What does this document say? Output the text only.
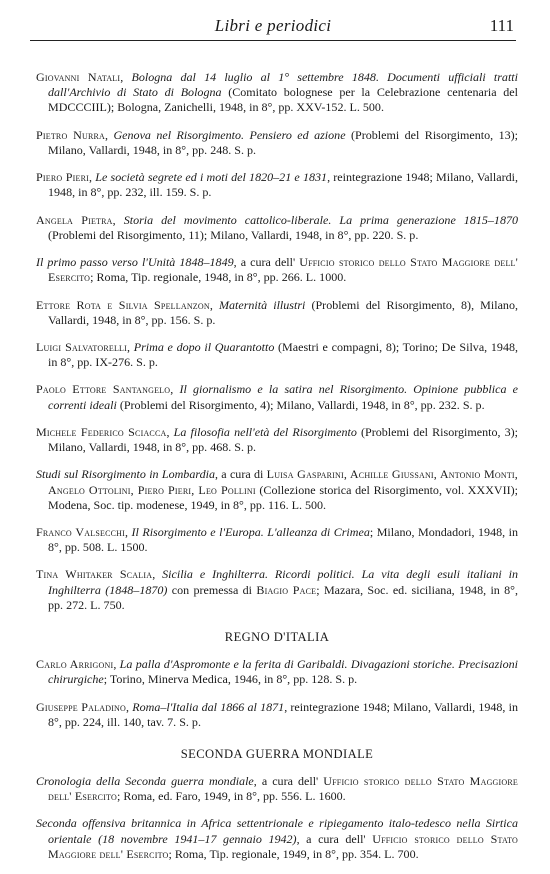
Libri e periodici	111

Giovanni Natali, Bologna dal 14 luglio al 1° settembre 1848. Documenti ufficiali tratti dall'Archivio di Stato di Bologna (Comitato bolognese per la Celebrazione centenaria del MDCCCIIL); Bologna, Zanichelli, 1948, in 8°, pp. XXV-152. L. 500.

Pietro Nurra, Genova nel Risorgimento. Pensiero ed azione (Problemi del Risorgimento, 13); Milano, Vallardi, 1948, in 8°, pp. 248. S. p.

Piero Pieri, Le società segrete ed i moti del 1820–21 e 1831, reintegrazione 1948; Milano, Vallardi, 1948, in 8°, pp. 232, ill. 159. S. p.

Angela Pietra, Storia del movimento cattolico-liberale. La prima generazione 1815–1870 (Problemi del Risorgimento, 11); Milano, Vallardi, 1948, in 8°, pp. 220. S. p.

Il primo passo verso l'Unità 1848–1849, a cura dell' Ufficio storico dello Stato Maggiore dell' Esercito; Roma, Tip. regionale, 1948, in 8°, pp. 266. L. 1000.

Ettore Rota e Silvia Spellanzon, Maternità illustri (Problemi del Risorgimento, 8), Milano, Vallardi, 1948, in 8°, pp. 156. S. p.

Luigi Salvatorelli, Prima e dopo il Quarantotto (Maestri e compagni, 8); Torino; De Silva, 1948, in 8°, pp. IX-276. S. p.

Paolo Ettore Santangelo, Il giornalismo e la satira nel Risorgimento. Opinione pubblica e correnti ideali (Problemi del Risorgimento, 4); Milano, Vallardi, 1948, in 8°, pp. 232. S. p.

Michele Federico Sciacca, La filosofia nell'età del Risorgimento (Problemi del Risorgimento, 3); Milano, Vallardi, 1948, in 8°, pp. 468. S. p.

Studi sul Risorgimento in Lombardia, a cura di Luisa Gasparini, Achille Giussani, Antonio Monti, Angelo Ottolini, Piero Pieri, Leo Pollini (Collezione storica del Risorgimento, vol. XXXVII); Modena, Soc. tip. modenese, 1949, in 8°, pp. 116. L. 500.

Franco Valsecchi, Il Risorgimento e l'Europa. L'alleanza di Crimea; Milano, Mondadori, 1948, in 8°, pp. 508. L. 1500.

Tina Whitaker Scalia, Sicilia e Inghilterra. Ricordi politici. La vita degli esuli italiani in Inghilterra (1848–1870) con premessa di Biagio Pace; Mazara, Soc. ed. siciliana, 1948, in 8°, pp. 272. L. 750.

REGNO D'ITALIA

Carlo Arrigoni, La palla d'Aspromonte e la ferita di Garibaldi. Divagazioni storiche. Precisazioni chirurgiche; Torino, Minerva Medica, 1946, in 8°, pp. 128. S. p.

Giuseppe Paladino, Roma–l'Italia dal 1866 al 1871, reintegrazione 1948; Milano, Vallardi, 1948, in 8°, pp. 224, ill. 140, tav. 7. S. p.

SECONDA GUERRA MONDIALE

Cronologia della Seconda guerra mondiale, a cura dell' Ufficio storico dello Stato Maggiore dell' Esercito; Roma, ed. Faro, 1949, in 8°, pp. 556. L. 1600.

Seconda offensiva britannica in Africa settentrionale e ripiegamento italo-tedesco nella Sirtica orientale (18 novembre 1941–17 gennaio 1942), a cura dell' Ufficio storico dello Stato Maggiore dell' Esercito; Roma, Tip. regionale, 1949, in 8°, pp. 354. L. 700.
